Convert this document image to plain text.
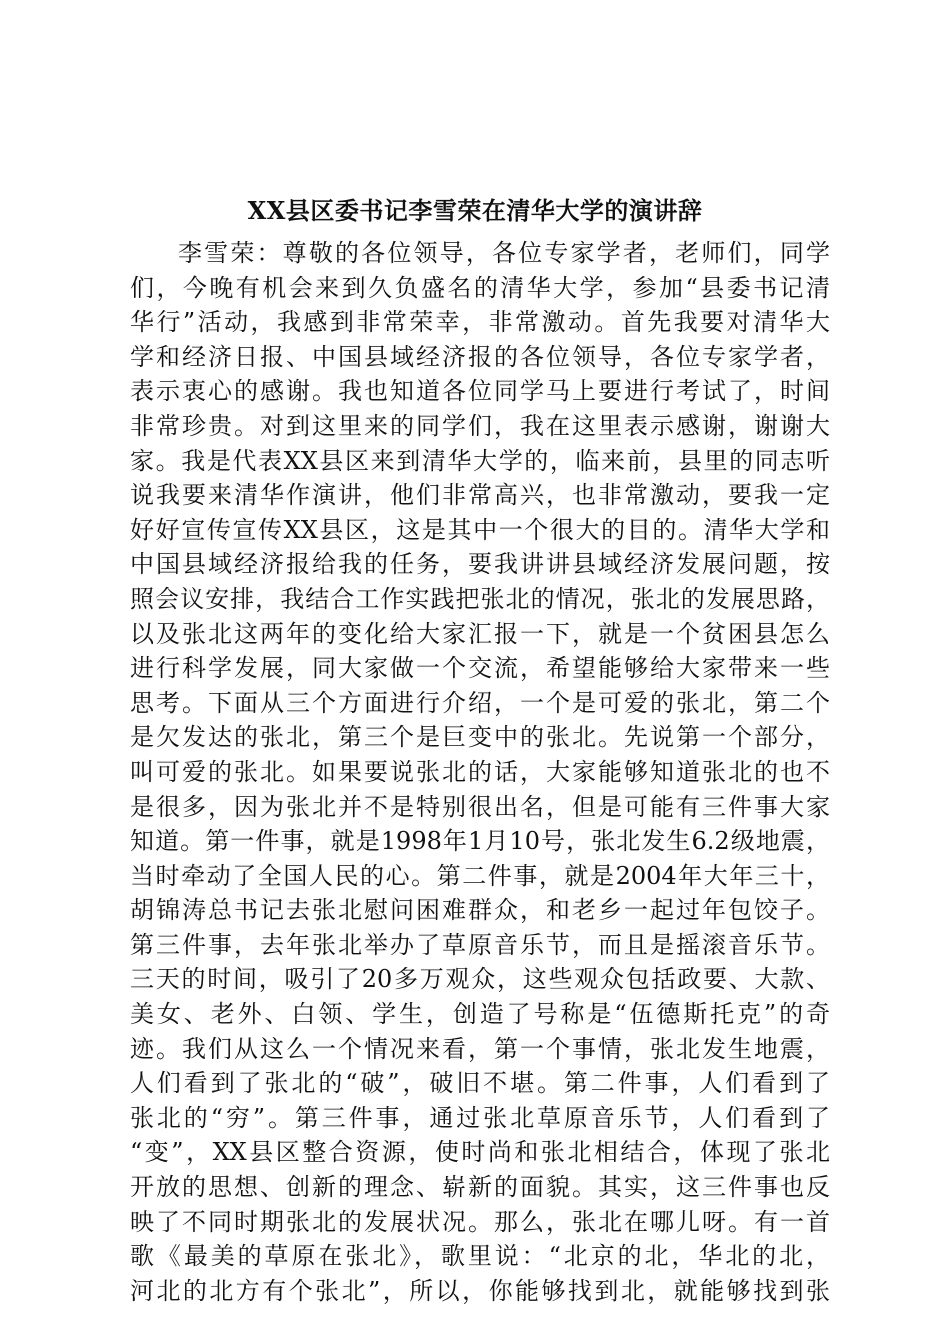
XX县区委书记李雪荣在清华大学的演讲辞
李雪荣：尊敬的各位领导，各位专家学者，老师们，同学
们，今晚有机会来到久负盛名的清华大学，参加“县委书记清
华行”活动，我感到非常荣幸，非常激动。首先我要对清华大
学和经济日报、中国县域经济报的各位领导，各位专家学者，
表示衷心的感谢。我也知道各位同学马上要进行考试了，时间
非常珍贵。对到这里来的同学们，我在这里表示感谢，谢谢大
家。我是代表XX县区来到清华大学的，临来前，县里的同志听
说我要来清华作演讲，他们非常高兴，也非常激动，要我一定
好好宣传宣传XX县区，这是其中一个很大的目的。清华大学和
中国县域经济报给我的任务，要我讲讲县域经济发展问题，按
照会议安排，我结合工作实践把张北的情况，张北的发展思路，
以及张北这两年的变化给大家汇报一下，就是一个贫困县怎么
进行科学发展，同大家做一个交流，希望能够给大家带来一些
思考。下面从三个方面进行介绍，一个是可爱的张北，第二个
是欠发达的张北，第三个是巨变中的张北。先说第一个部分，
叫可爱的张北。如果要说张北的话，大家能够知道张北的也不
是很多，因为张北并不是特别很出名，但是可能有三件事大家
知道。第一件事，就是1998年1月10号，张北发生6.2级地震，
当时牵动了全国人民的心。第二件事，就是2004年大年三十，
胡锦涛总书记去张北慰问困难群众，和老乡一起过年包饺子。
第三件事，去年张北举办了草原音乐节，而且是摇滚音乐节。
三天的时间，吸引了20多万观众，这些观众包括政要、大款、
美女、老外、白领、学生，创造了号称是“伍德斯托克”的奇
迹。我们从这么一个情况来看，第一个事情，张北发生地震，
人们看到了张北的“破”，破旧不堪。第二件事，人们看到了
张北的“穷”。第三件事，通过张北草原音乐节，人们看到了
“变”，XX县区整合资源，使时尚和张北相结合，体现了张北
开放的思想、创新的理念、崭新的面貌。其实，这三件事也反
映了不同时期张北的发展状况。那么，张北在哪儿呀。有一首
歌《最美的草原在张北》，歌里说：“北京的北，华北的北，
河北的北方有个张北”，所以，你能够找到北，就能够找到张
